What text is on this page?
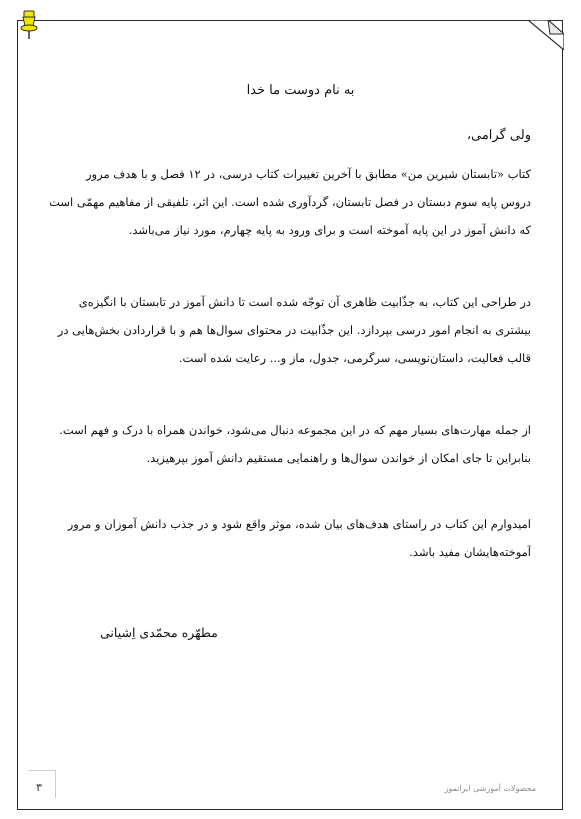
به نام دوست ما خدا
ولی گرامی،
کتاب «تابستان شیرین من» مطابق با آخرین تغییرات کتاب درسی، در ۱۲ فصل و با هدف مرور
دروس پایه سوم دبستان در فصل تابستان، گردآوری شده است. این اثر، تلفیقی از مفاهیم مهمّی است
که دانش آموز در این پایه آموخته است و برای ورود به پایه چهارم، مورد نیاز می‌باشد.
در طراحی این کتاب، به جذّابیت ظاهری آن توجّه شده است تا دانش آموز در تابستان با انگیزه‌ی
بیشتری به انجام امور درسی بپردازد. این جذّابیت در محتوای سوال‌ها هم و با قراردادن بخش‌هایی در
قالب فعالیت، داستان‌نویسی، سرگرمی، جدول، ماز و... رعایت شده است.
از جمله مهارت‌های بسیار مهم که در این مجموعه دنبال می‌شود، خواندن همراه با درک و فهم است.
بنابراین تا جای امکان از خواندن سوال‌ها و راهنمایی مستقیم دانش آموز بپرهیزید.
امیدوارم این کتاب در راستای هدف‌های بیان شده، موثر واقع شود و در جذب دانش آموزان و مرور
آموخته‌هایشان مفید باشد.
مطهّره محمّدی اِشیانی
محصولات آموزشی ایرانموز
۳
